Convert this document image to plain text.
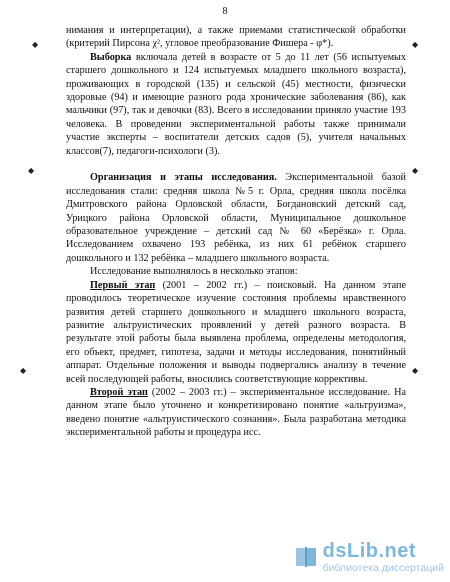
8

нимания и интерпретации), а также приемами статистической обработки (критерий Пирсона χ², угловое преобразование Фишера - φ*).

Выборка включала детей в возрасте от 5 до 11 лет (56 испытуемых старшего дошкольного и 124 испытуемых младшего школьного возраста), проживающих в городской (135) и сельской (45) местности, физически здоровые (94) и имеющие разного рода хронические заболевания (86), как мальчики (97), так и девочки (83). Всего в исследовании приняло участие 193 человека. В проведении экспериментальной работы также принимали участие эксперты – воспитатели детских садов (5), учителя начальных классов(7), педагоги-психологи (3).

Организация и этапы исследования. Экспериментальной базой исследования стали: средняя школа №5 г. Орла, средняя школа посёлка Дмитровского района Орловской области, Богдановский детский сад, Урицкого района Орловской области, Муниципальное дошкольное образовательное учреждение – детский сад № 60 «Берёзка» г. Орла. Исследованием охвачено 193 ребёнка, из них 61 ребёнок старшего дошкольного и 132 ребёнка – младшего школьного возраста.

Исследование выполнялось в несколько этапов:

Первый этап (2001 – 2002 гг.) – поисковый. На данном этапе проводилось теоретическое изучение состояния проблемы нравственного развития детей старшего дошкольного и младшего школьного возраста, развитие альтруистических проявлений у детей разного возраста. В результате этой работы была выявлена проблема, определены методология, его объект, предмет, гипотеза, задачи и методы исследования, понятийный аппарат. Отдельные положения и выводы подвергались анализу в течение всей последующей работы, вносились соответствующие коррективы.

Второй этап (2002 – 2003 гг.) – экспериментальное исследование. На данном этапе было уточнено и конкретизировано понятие «альтруизма», введено понятие «альтруистического сознания». Была разработана методика экспериментальной работы и процедура исс.

◆	◆
◆	◆
◆	◆
dsLib.net
библиотека диссертаций
